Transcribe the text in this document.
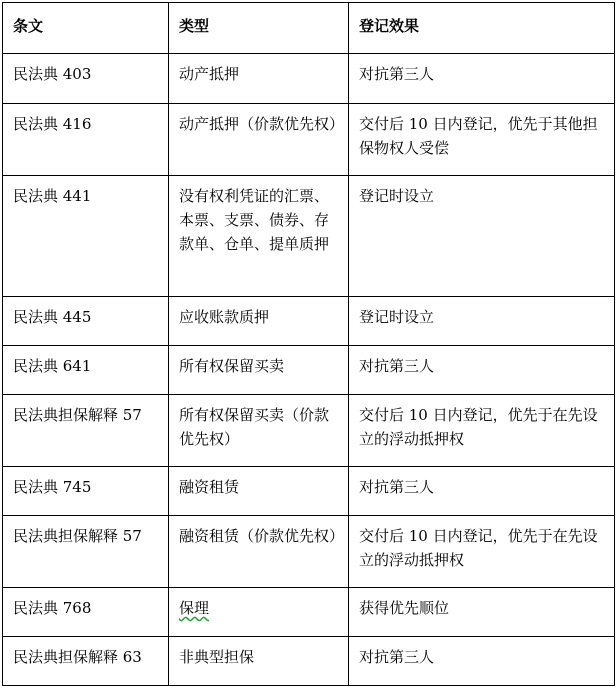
条文	类型	登记效果
民法典 403	动产抵押	对抗第三人
民法典 416	动产抵押（价款优先权）	交付后 10 日内登记，优先于其他担保物权人受偿
民法典 441	没有权利凭证的汇票、本票、支票、债券、存款单、仓单、提单质押	登记时设立
民法典 445	应收账款质押	登记时设立
民法典 641	所有权保留买卖	对抗第三人
民法典担保解释 57	所有权保留买卖（价款优先权）	交付后 10 日内登记，优先于在先设立的浮动抵押权
民法典 745	融资租赁	对抗第三人
民法典担保解释 57	融资租赁（价款优先权）	交付后 10 日内登记，优先于在先设立的浮动抵押权
民法典 768	保理	获得优先顺位
民法典担保解释 63	非典型担保	对抗第三人
